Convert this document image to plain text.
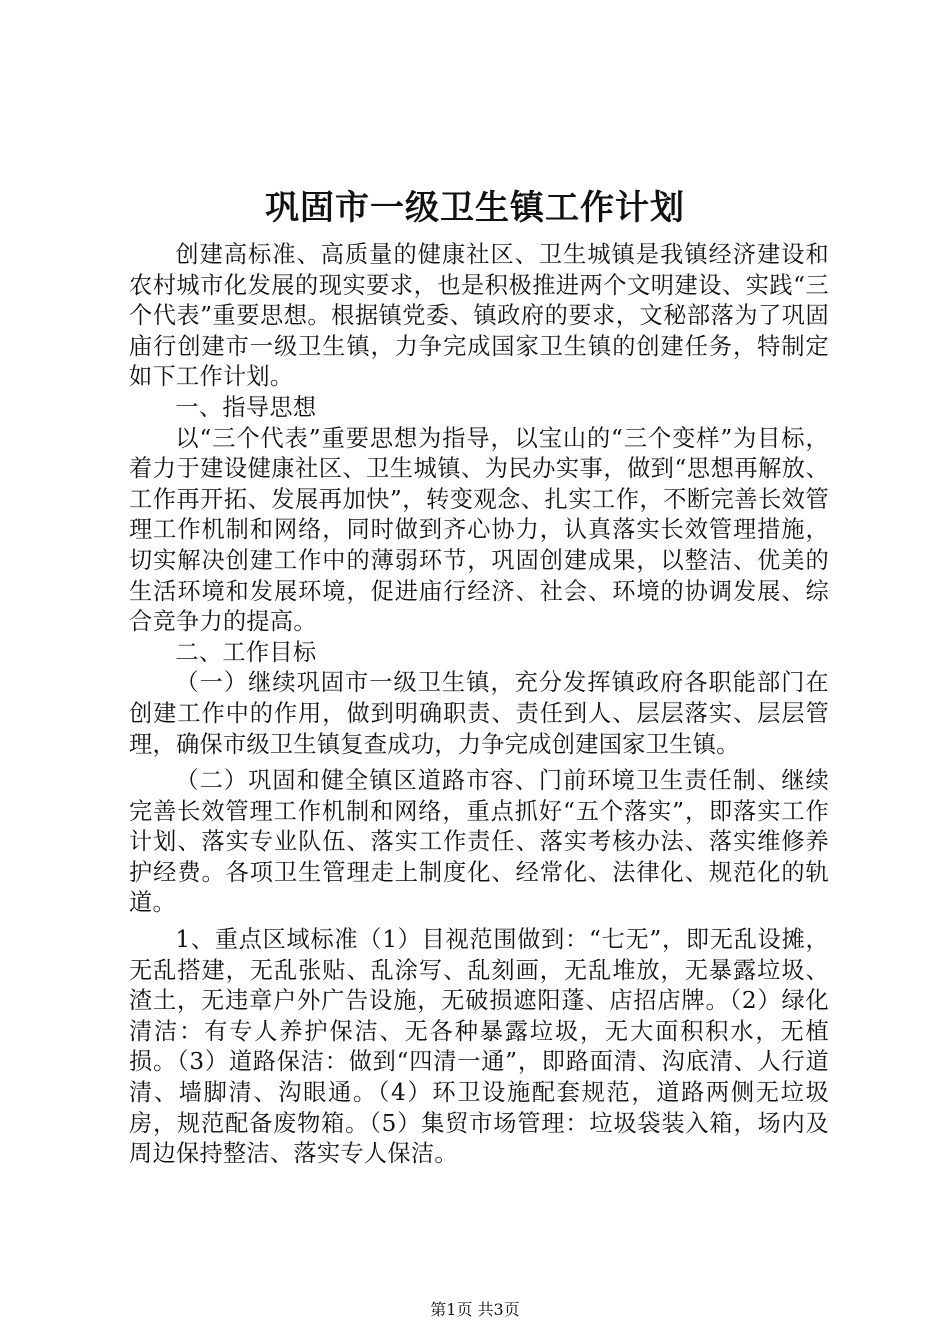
巩固市一级卫生镇工作计划

创建高标准、高质量的健康社区、卫生城镇是我镇经济建设和农村城市化发展的现实要求，也是积极推进两个文明建设、实践“三个代表”重要思想。根据镇党委、镇政府的要求，文秘部落为了巩固庙行创建市一级卫生镇，力争完成国家卫生镇的创建任务，特制定如下工作计划。

一、指导思想

以“三个代表”重要思想为指导，以宝山的“三个变样”为目标，着力于建设健康社区、卫生城镇、为民办实事，做到“思想再解放、工作再开拓、发展再加快”，转变观念、扎实工作，不断完善长效管理工作机制和网络，同时做到齐心协力，认真落实长效管理措施，切实解决创建工作中的薄弱环节，巩固创建成果，以整洁、优美的生活环境和发展环境，促进庙行经济、社会、环境的协调发展、综合竞争力的提高。

二、工作目标

（一）继续巩固市一级卫生镇，充分发挥镇政府各职能部门在创建工作中的作用，做到明确职责、责任到人、层层落实、层层管理，确保市级卫生镇复查成功，力争完成创建国家卫生镇。

（二）巩固和健全镇区道路市容、门前环境卫生责任制、继续完善长效管理工作机制和网络，重点抓好“五个落实”，即落实工作计划、落实专业队伍、落实工作责任、落实考核办法、落实维修养护经费。各项卫生管理走上制度化、经常化、法律化、规范化的轨道。

1、重点区域标准（1）目视范围做到：“七无”，即无乱设摊，无乱搭建，无乱张贴、乱涂写、乱刻画，无乱堆放，无暴露垃圾、渣土，无违章户外广告设施，无破损遮阳蓬、店招店牌。（2）绿化清洁：有专人养护保洁、无各种暴露垃圾，无大面积积水，无植损。（3）道路保洁：做到“四清一通”，即路面清、沟底清、人行道清、墙脚清、沟眼通。（4）环卫设施配套规范，道路两侧无垃圾房，规范配备废物箱。（5）集贸市场管理：垃圾袋装入箱，场内及周边保持整洁、落实专人保洁。

第1页 共3页
